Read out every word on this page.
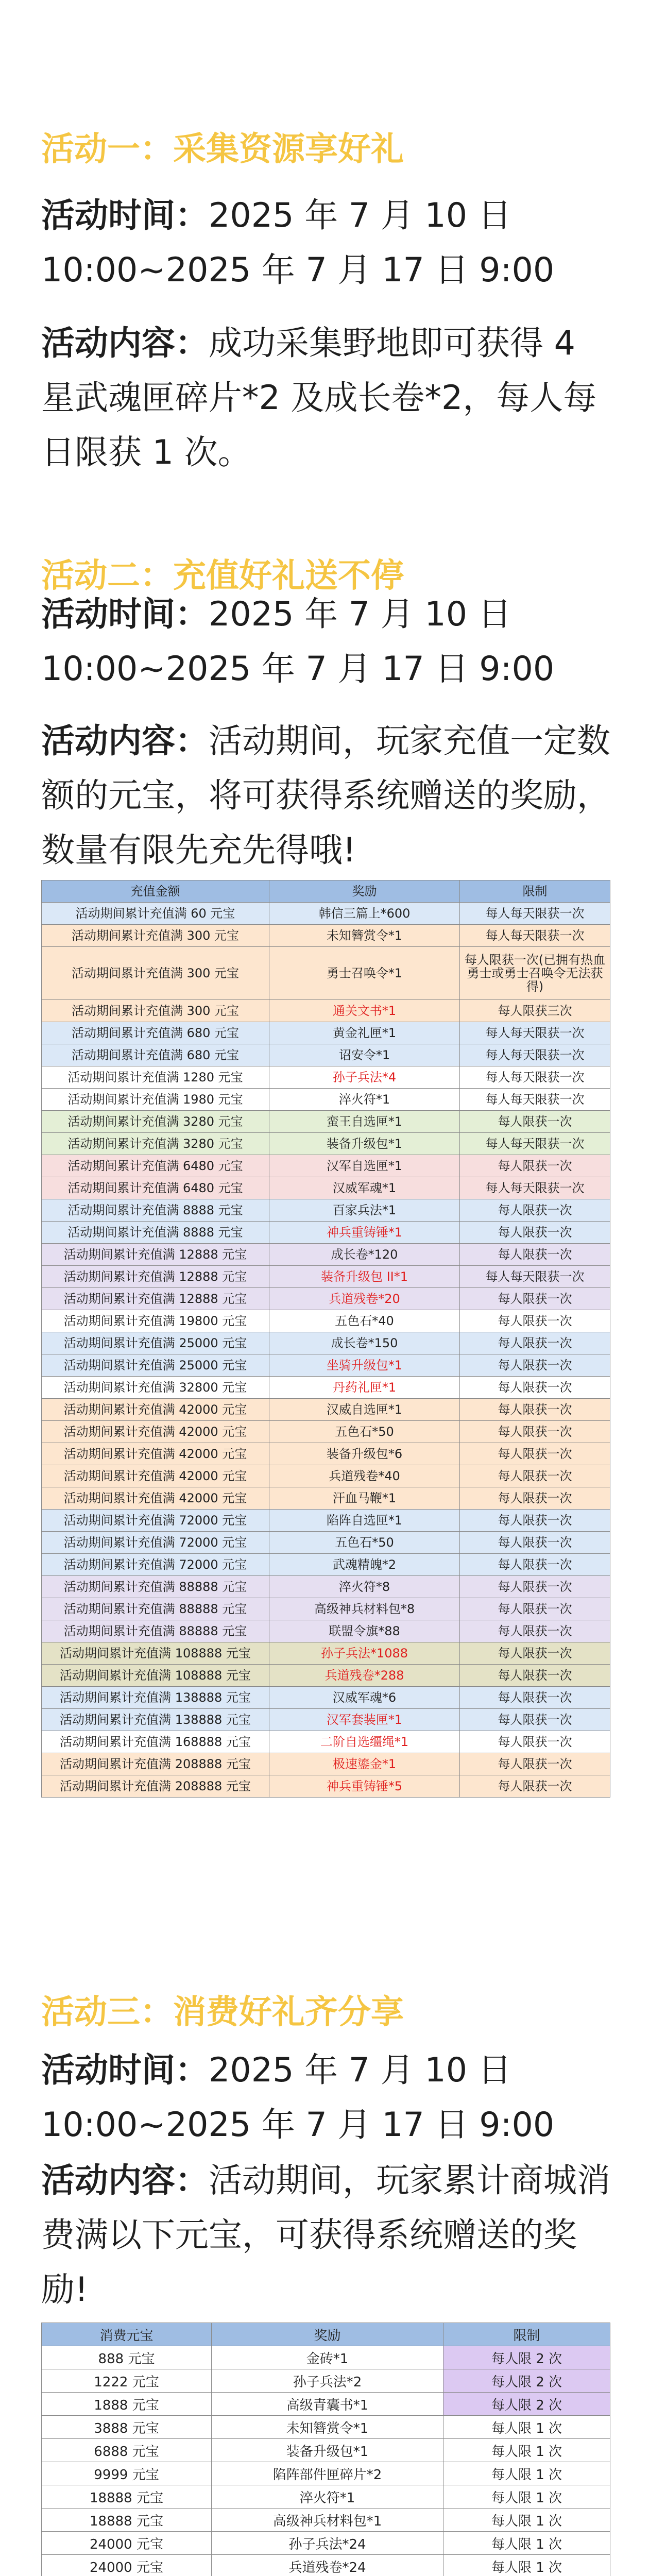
活动一：采集资源享好礼

活动时间：2025 年 7 月 10 日 10:00~2025 年 7 月 17 日 9:00

活动内容：成功采集野地即可获得 4 星武魂匣碎片*2 及成长卷*2，每人每日限获 1 次。

活动二：充值好礼送不停

活动时间：2025 年 7 月 10 日 10:00~2025 年 7 月 17 日 9:00

活动内容：活动期间，玩家充值一定数额的元宝，将可获得系统赠送的奖励，数量有限先充先得哦!

充值金额	奖励	限制
活动期间累计充值满 60 元宝	韩信三篇上*600	每人每天限获一次
活动期间累计充值满 300 元宝	未知簪赏令*1	每人每天限获一次
活动期间累计充值满 300 元宝	勇士召唤令*1	每人限获一次(已拥有热血勇士或勇士召唤令无法获得)
活动期间累计充值满 300 元宝	通关文书*1	每人限获三次
活动期间累计充值满 680 元宝	黄金礼匣*1	每人每天限获一次
活动期间累计充值满 680 元宝	诏安令*1	每人每天限获一次
活动期间累计充值满 1280 元宝	孙子兵法*4	每人每天限获一次
活动期间累计充值满 1980 元宝	淬火符*1	每人每天限获一次
活动期间累计充值满 3280 元宝	蛮王自选匣*1	每人限获一次
活动期间累计充值满 3280 元宝	装备升级包*1	每人每天限获一次
活动期间累计充值满 6480 元宝	汉军自选匣*1	每人限获一次
活动期间累计充值满 6480 元宝	汉威军魂*1	每人每天限获一次
活动期间累计充值满 8888 元宝	百家兵法*1	每人限获一次
活动期间累计充值满 8888 元宝	神兵重铸锤*1	每人限获一次
活动期间累计充值满 12888 元宝	成长卷*120	每人限获一次
活动期间累计充值满 12888 元宝	装备升级包 II*1	每人每天限获一次
活动期间累计充值满 12888 元宝	兵道残卷*20	每人限获一次
活动期间累计充值满 19800 元宝	五色石*40	每人限获一次
活动期间累计充值满 25000 元宝	成长卷*150	每人限获一次
活动期间累计充值满 25000 元宝	坐骑升级包*1	每人限获一次
活动期间累计充值满 32800 元宝	丹药礼匣*1	每人限获一次
活动期间累计充值满 42000 元宝	汉威自选匣*1	每人限获一次
活动期间累计充值满 42000 元宝	五色石*50	每人限获一次
活动期间累计充值满 42000 元宝	装备升级包*6	每人限获一次
活动期间累计充值满 42000 元宝	兵道残卷*40	每人限获一次
活动期间累计充值满 42000 元宝	汗血马鞭*1	每人限获一次
活动期间累计充值满 72000 元宝	陷阵自选匣*1	每人限获一次
活动期间累计充值满 72000 元宝	五色石*50	每人限获一次
活动期间累计充值满 72000 元宝	武魂精魄*2	每人限获一次
活动期间累计充值满 88888 元宝	淬火符*8	每人限获一次
活动期间累计充值满 88888 元宝	高级神兵材料包*8	每人限获一次
活动期间累计充值满 88888 元宝	联盟令旗*88	每人限获一次
活动期间累计充值满 108888 元宝	孙子兵法*1088	每人限获一次
活动期间累计充值满 108888 元宝	兵道残卷*288	每人限获一次
活动期间累计充值满 138888 元宝	汉威军魂*6	每人限获一次
活动期间累计充值满 138888 元宝	汉军套装匣*1	每人限获一次
活动期间累计充值满 168888 元宝	二阶自选缰绳*1	每人限获一次
活动期间累计充值满 208888 元宝	极速鎏金*1	每人限获一次
活动期间累计充值满 208888 元宝	神兵重铸锤*5	每人限获一次
活动三：消费好礼齐分享

活动时间：2025 年 7 月 10 日 10:00~2025 年 7 月 17 日 9:00

活动内容：活动期间，玩家累计商城消费满以下元宝，可获得系统赠送的奖励!

消费元宝	奖励	限制
888 元宝	金砖*1	每人限 2 次
1222 元宝	孙子兵法*2	每人限 2 次
1888 元宝	高级青囊书*1	每人限 2 次
3888 元宝	未知簪赏令*1	每人限 1 次
6888 元宝	装备升级包*1	每人限 1 次
9999 元宝	陷阵部件匣碎片*2	每人限 1 次
18888 元宝	淬火符*1	每人限 1 次
18888 元宝	高级神兵材料包*1	每人限 1 次
24000 元宝	孙子兵法*24	每人限 1 次
24000 元宝	兵道残卷*24	每人限 1 次
